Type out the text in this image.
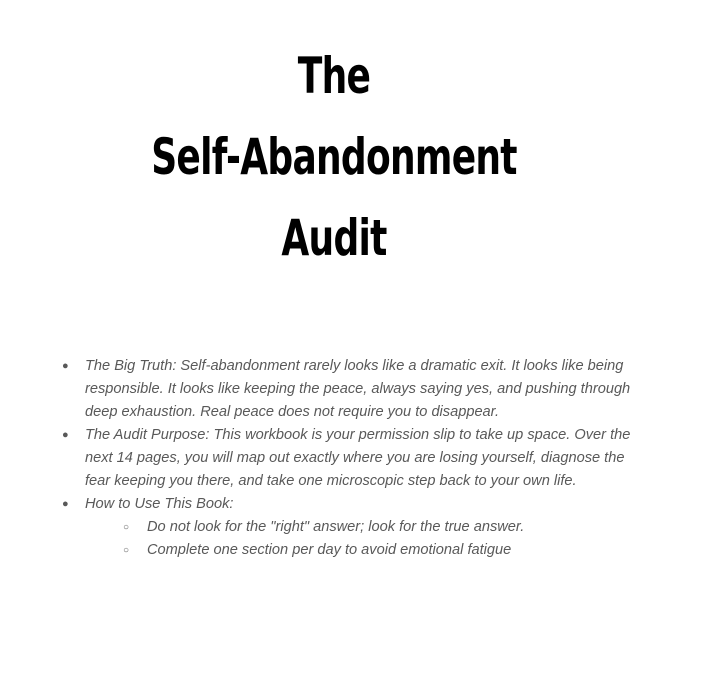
The
Self-Abandonment
Audit
● The Big Truth: Self-abandonment rarely looks like a dramatic exit. It looks like being responsible. It looks like keeping the peace, always saying yes, and pushing through deep exhaustion. Real peace does not require you to disappear.
● The Audit Purpose: This workbook is your permission slip to take up space. Over the next 14 pages, you will map out exactly where you are losing yourself, diagnose the fear keeping you there, and take one microscopic step back to your own life.
● How to Use This Book:
○ Do not look for the "right" answer; look for the true answer.
○ Complete one section per day to avoid emotional fatigue
